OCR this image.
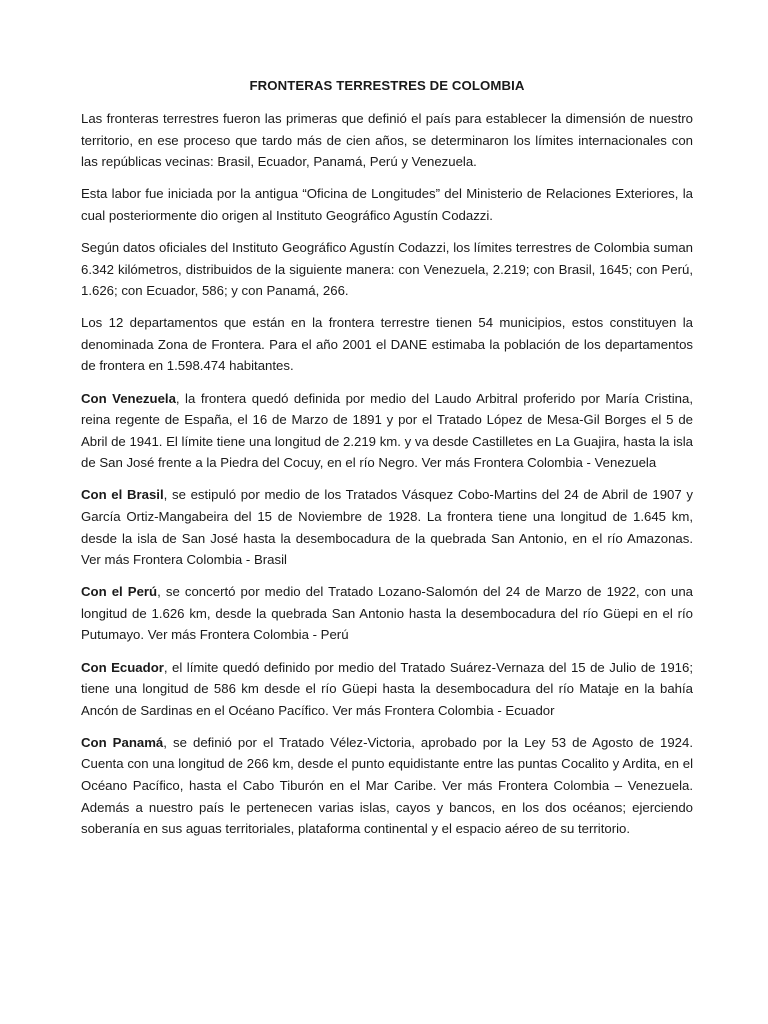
FRONTERAS TERRESTRES DE COLOMBIA

Las fronteras terrestres fueron las primeras que definió el país para establecer la dimensión de nuestro territorio, en ese proceso que tardo más de cien años, se determinaron los límites internacionales con las repúblicas vecinas: Brasil, Ecuador, Panamá, Perú y Venezuela.

Esta labor fue iniciada por la antigua “Oficina de Longitudes” del Ministerio de Relaciones Exteriores, la cual posteriormente dio origen al Instituto Geográfico Agustín Codazzi.

Según datos oficiales del Instituto Geográfico Agustín Codazzi, los límites terrestres de Colombia suman 6.342 kilómetros, distribuidos de la siguiente manera: con Venezuela, 2.219; con Brasil, 1645; con Perú, 1.626; con Ecuador, 586; y con Panamá, 266.

Los 12 departamentos que están en la frontera terrestre tienen 54 municipios, estos constituyen la denominada Zona de Frontera. Para el año 2001 el DANE estimaba la población de los departamentos de frontera en 1.598.474 habitantes.

Con Venezuela, la frontera quedó definida por medio del Laudo Arbitral proferido por María Cristina, reina regente de España, el 16 de Marzo de 1891 y por el Tratado López de Mesa-Gil Borges el 5 de Abril de 1941. El límite tiene una longitud de 2.219 km. y va desde Castilletes en La Guajira, hasta la isla de San José frente a la Piedra del Cocuy, en el río Negro. Ver más Frontera Colombia - Venezuela

Con el Brasil, se estipuló por medio de los Tratados Vásquez Cobo-Martins del 24 de Abril de 1907 y García Ortiz-Mangabeira del 15 de Noviembre de 1928. La frontera tiene una longitud de 1.645 km, desde la isla de San José hasta la desembocadura de la quebrada San Antonio, en el río Amazonas. Ver más Frontera Colombia - Brasil

Con el Perú, se concertó por medio del Tratado Lozano-Salomón del 24 de Marzo de 1922, con una longitud de 1.626 km, desde la quebrada San Antonio hasta la desembocadura del río Güepi en el río Putumayo. Ver más Frontera Colombia - Perú

Con Ecuador, el límite quedó definido por medio del Tratado Suárez-Vernaza del 15 de Julio de 1916; tiene una longitud de 586 km desde el río Güepi hasta la desembocadura del río Mataje en la bahía Ancón de Sardinas en el Océano Pacífico. Ver más Frontera Colombia - Ecuador

Con Panamá, se definió por el Tratado Vélez-Victoria, aprobado por la Ley 53 de Agosto de 1924. Cuenta con una longitud de 266 km, desde el punto equidistante entre las puntas Cocalito y Ardita, en el Océano Pacífico, hasta el Cabo Tiburón en el Mar Caribe. Ver más Frontera Colombia – Venezuela. Además a nuestro país le pertenecen varias islas, cayos y bancos, en los dos océanos; ejerciendo soberanía en sus aguas territoriales, plataforma continental y el espacio aéreo de su territorio.
